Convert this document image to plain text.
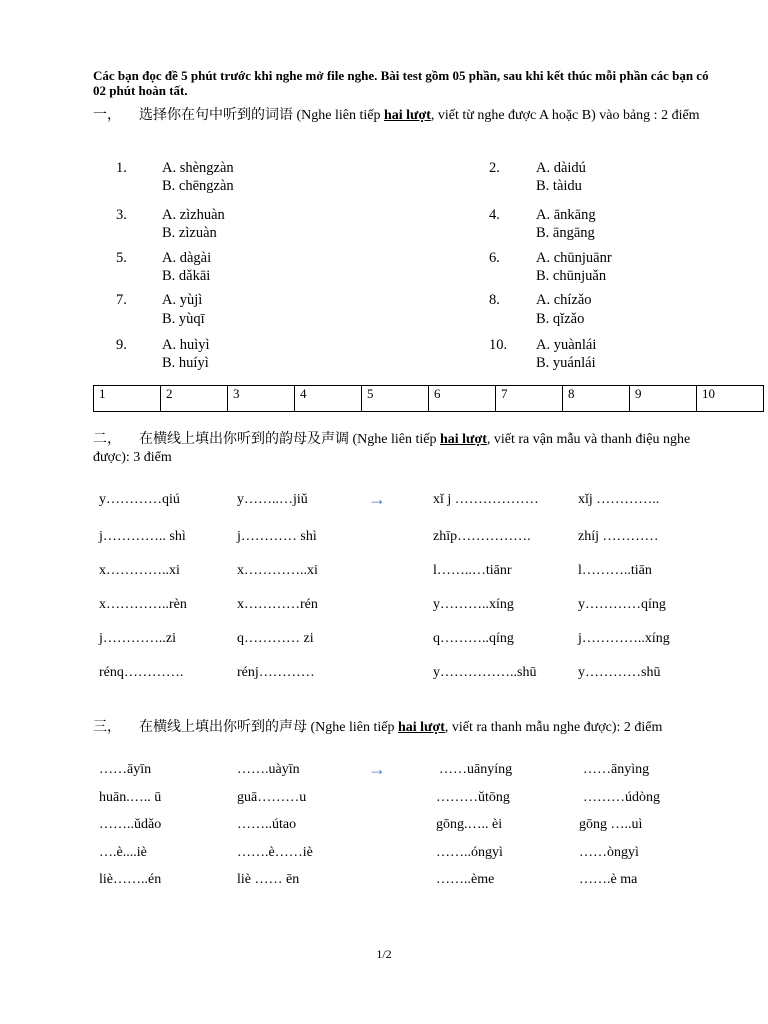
Các bạn đọc đề 5 phút trước khi nghe mở file nghe. Bài test gồm 05 phần, sau khi kết thúc mỗi phần các bạn có 02 phút hoàn tất.
一， 选择你在句中听到的词语 (Nghe liên tiếp hai lượt, viết từ nghe được A hoặc B) vào bảng : 2 điểm
1.	A. shèngzàn
B. chēngzàn
3.	A. zìzhuàn
B. zìzuàn
5.	A. dàgài
B. dǎkāi
7.	A. yùjì
B. yùqī
9.	A. huìyì
B. huíyì
2.	A. dàidú
B. tàidu
4.	A. ānkāng
B. āngāng
6.	A. chūnjuānr
B. chūnjuǎn
8.	A. chízǎo
B. qǐzǎo
10.	A. yuànlái
B. yuánlái
1	2	3	4	5	6	7	8	9	10
二， 在横线上填出你听到的韵母及声调 (Nghe liên tiếp hai lượt, viết ra vận mẫu và thanh điệu nghe được): 3 điểm
y…………qiú	y……..…jiǔ	→	xǐ j ………………	xǐj …………..
j………….. shì	j………… shì	zhīp…………….	zhíj …………
x…………..xi	x…………..xi	l……..…tiānr	l………..tiān
x…………..rèn	x…………rén	y………..xíng	y…………qíng
j…………..zi	q………… zi	q………..qíng	j…………..xíng
rénq………….	rénj…………	y……………..shū	y…………shū
三， 在横线上填出你听到的声母 (Nghe liên tiếp hai lượt, viết ra thanh mẫu nghe được): 2 điểm
……āyīn	…….uàyīn	→	……uānyíng	……ānyìng
huān.….. ū	guā………u	………ǔtōng	………údòng
……..ǔdǎo	……..útao	gōng.….. èi	gōng …..uì
….è....iè	…….è……iè	……..óngyì	……òngyì
liè……..én	liè …… ēn	……..ème	…….è ma
1/2
